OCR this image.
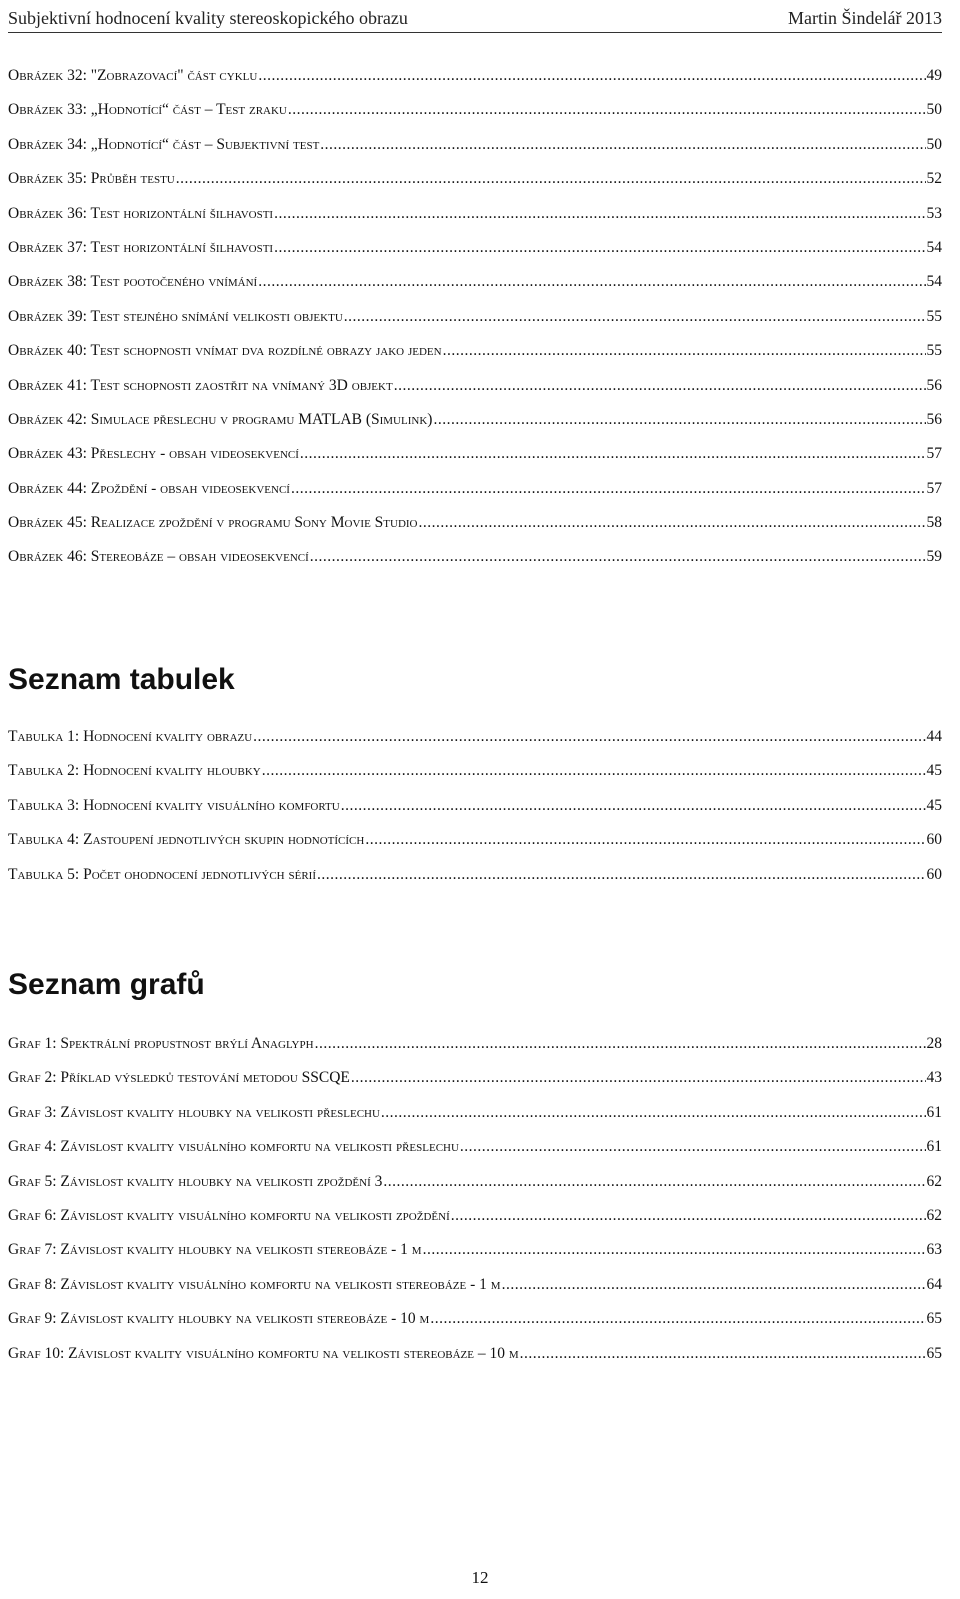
Subjektivní hodnocení kvality stereoskopického obrazu	Martin Šindelář 2013
Obrázek 32: "Zobrazovací" část cyklu .....	49
Obrázek 33: „Hodnotící“ část – Test zraku .....	50
Obrázek 34: „Hodnotící“ část – Subjektivní test .....	50
Obrázek 35: Průběh testu .....	52
Obrázek 36: Test horizontální šilhavosti .....	53
Obrázek 37: Test horizontální šilhavosti .....	54
Obrázek 38: Test pootočeného vnímání .....	54
Obrázek 39: Test stejného snímání velikosti objektu .....	55
Obrázek 40: Test schopnosti vnímat dva rozdílné obrazy jako jeden .....	55
Obrázek 41: Test schopnosti zaostřit na vnímaný 3D objekt .....	56
Obrázek 42: Simulace přeslechu v programu MATLAB (Simulink) .....	56
Obrázek 43: Přeslechy - obsah videosekvencí .....	57
Obrázek 44: Zpoždění - obsah videosekvencí .....	57
Obrázek 45: Realizace zpoždění v programu Sony Movie Studio .....	58
Obrázek 46: Stereobáze – obsah videosekvencí .....	59
Seznam tabulek
Tabulka 1: Hodnocení kvality obrazu .....	44
Tabulka 2: Hodnocení kvality hloubky .....	45
Tabulka 3: Hodnocení kvality visuálního komfortu .....	45
Tabulka 4: Zastoupení jednotlivých skupin hodnotících .....	60
Tabulka 5: Počet ohodnocení jednotlivých sérií .....	60
Seznam grafů
Graf 1: Spektrální propustnost brýlí Anaglyph .....	28
Graf 2: Příklad výsledků testování metodou SSCQE .....	43
Graf 3: Závislost kvality hloubky na velikosti přeslechu .....	61
Graf 4: Závislost kvality visuálního komfortu na velikosti přeslechu .....	61
Graf 5: Závislost kvality hloubky na velikosti zpoždění 3 .....	62
Graf 6: Závislost kvality visuálního komfortu na velikosti zpoždění .....	62
Graf 7: Závislost kvality hloubky na velikosti stereobáze - 1 m .....	63
Graf 8: Závislost kvality visuálního komfortu na velikosti stereobáze - 1 m .....	64
Graf 9: Závislost kvality hloubky na velikosti stereobáze - 10 m .....	65
Graf 10: Závislost kvality visuálního komfortu na velikosti stereobáze – 10 m .....	65
12
